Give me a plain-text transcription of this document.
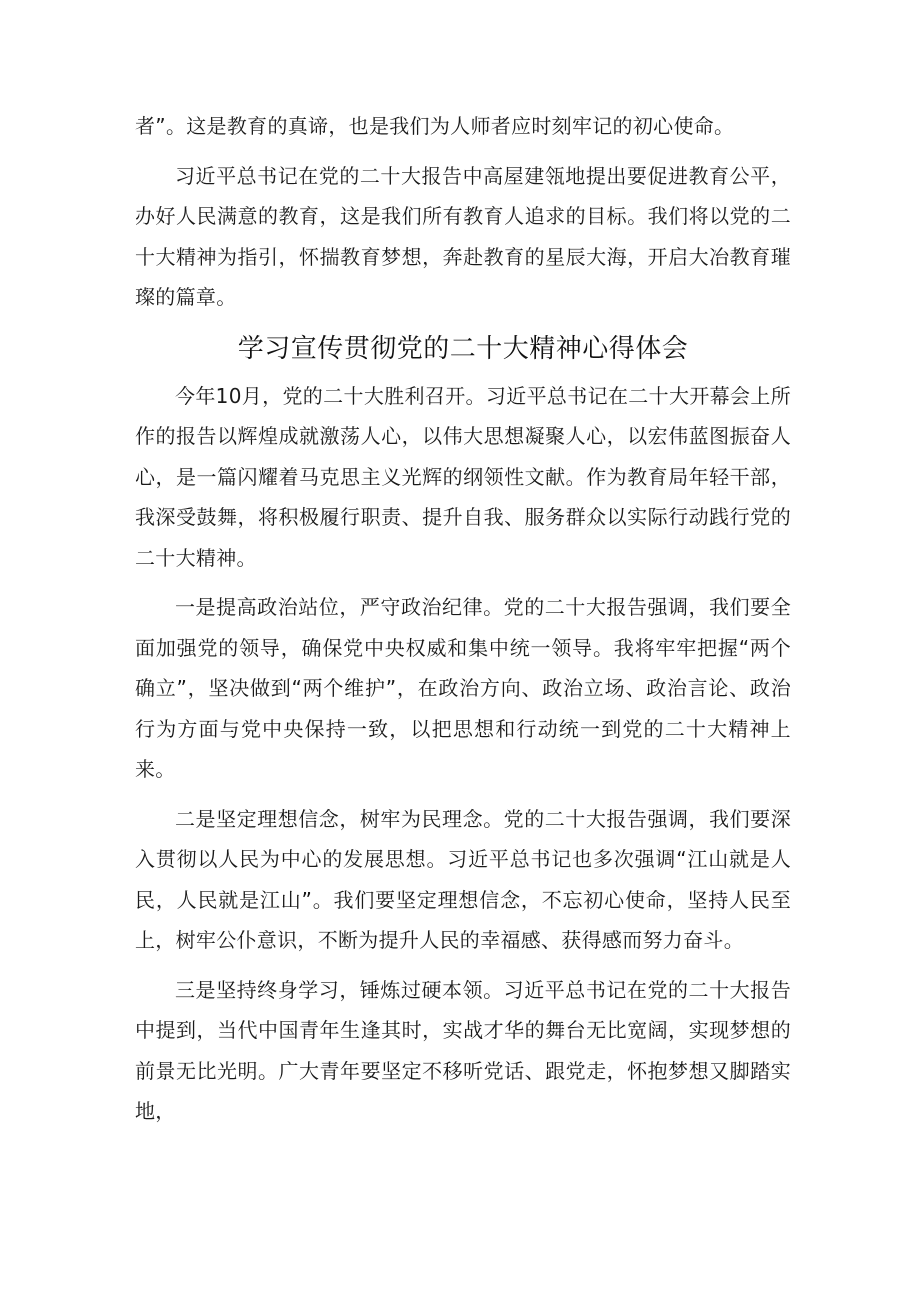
者”。这是教育的真谛，也是我们为人师者应时刻牢记的初心使命。

习近平总书记在党的二十大报告中高屋建瓴地提出要促进教育公平，办好人民满意的教育，这是我们所有教育人追求的目标。我们将以党的二十大精神为指引，怀揣教育梦想，奔赴教育的星辰大海，开启大冶教育璀璨的篇章。

学习宣传贯彻党的二十大精神心得体会

今年10月，党的二十大胜利召开。习近平总书记在二十大开幕会上所作的报告以辉煌成就激荡人心，以伟大思想凝聚人心，以宏伟蓝图振奋人心，是一篇闪耀着马克思主义光辉的纲领性文献。作为教育局年轻干部，我深受鼓舞，将积极履行职责、提升自我、服务群众以实际行动践行党的二十大精神。

一是提高政治站位，严守政治纪律。党的二十大报告强调，我们要全面加强党的领导，确保党中央权威和集中统一领导。我将牢牢把握“两个确立”，坚决做到“两个维护”，在政治方向、政治立场、政治言论、政治行为方面与党中央保持一致，以把思想和行动统一到党的二十大精神上来。

二是坚定理想信念，树牢为民理念。党的二十大报告强调，我们要深入贯彻以人民为中心的发展思想。习近平总书记也多次强调“江山就是人民，人民就是江山”。我们要坚定理想信念，不忘初心使命，坚持人民至上，树牢公仆意识，不断为提升人民的幸福感、获得感而努力奋斗。

三是坚持终身学习，锤炼过硬本领。习近平总书记在党的二十大报告中提到，当代中国青年生逢其时，实战才华的舞台无比宽阔，实现梦想的前景无比光明。广大青年要坚定不移听党话、跟党走，怀抱梦想又脚踏实地，
